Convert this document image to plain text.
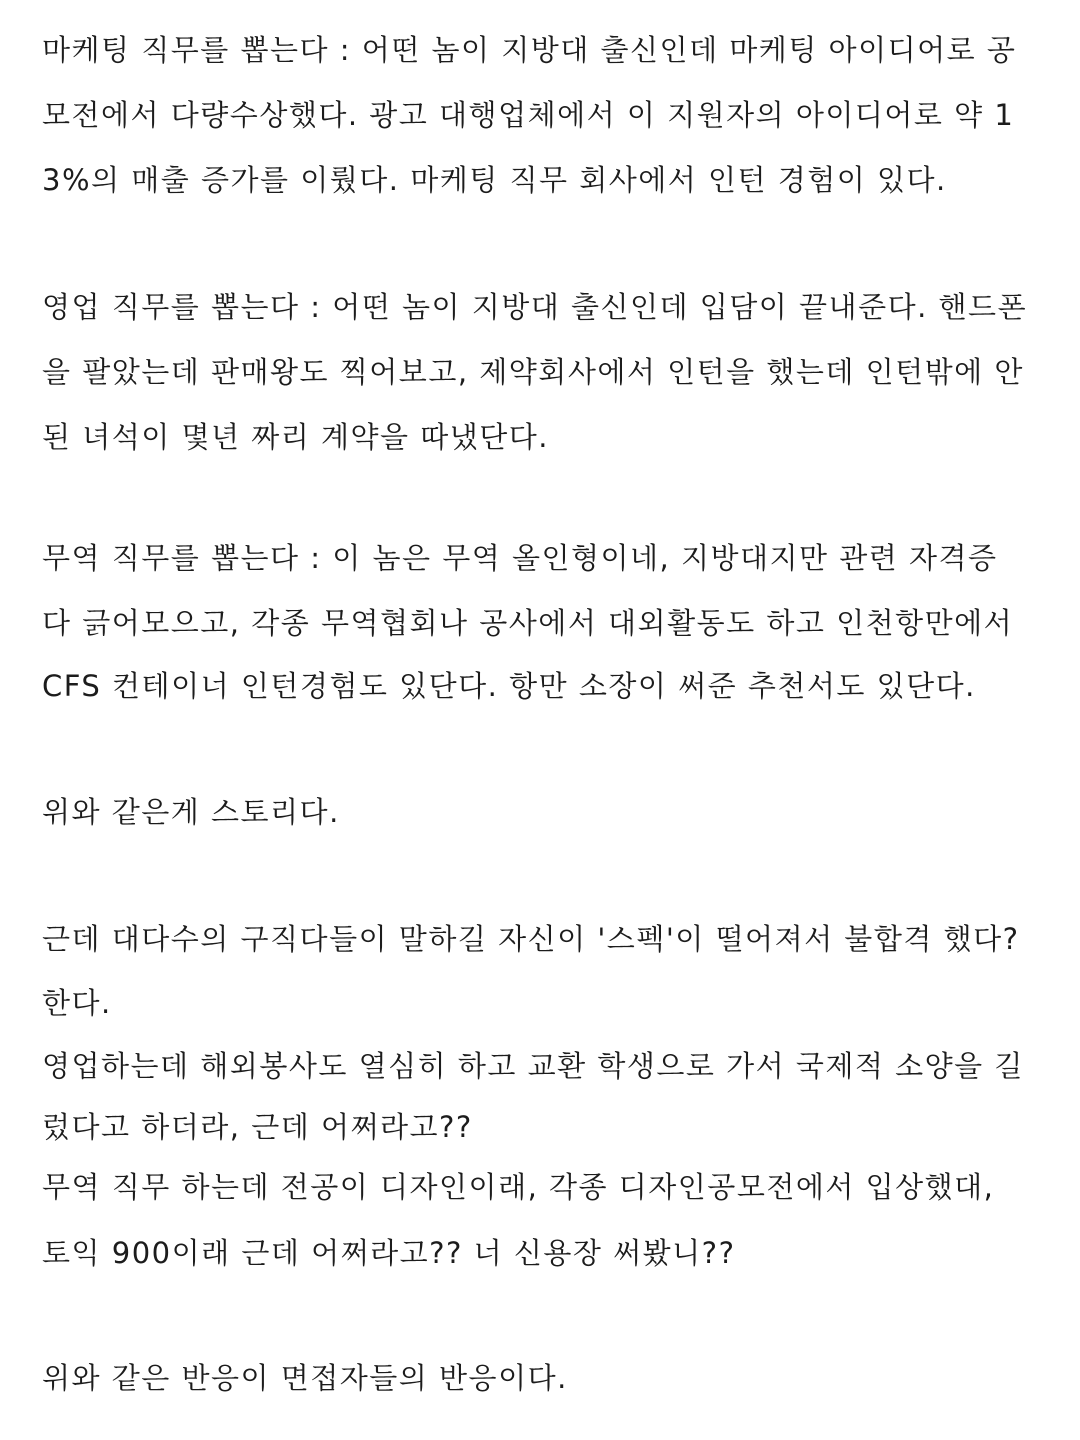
마케팅 직무를 뽑는다 : 어떤 놈이 지방대 출신인데 마케팅 아이디어로 공
모전에서 다량수상했다. 광고 대행업체에서 이 지원자의 아이디어로 약 1
3%의 매출 증가를 이뤘다. 마케팅 직무 회사에서 인턴 경험이 있다.
영업 직무를 뽑는다 : 어떤 놈이 지방대 출신인데 입담이 끝내준다. 핸드폰
을 팔았는데 판매왕도 찍어보고, 제약회사에서 인턴을 했는데 인턴밖에 안
된 녀석이 몇년 짜리 계약을 따냈단다.
무역 직무를 뽑는다 : 이 놈은 무역 올인형이네, 지방대지만 관련 자격증
다 긁어모으고, 각종 무역협회나 공사에서 대외활동도 하고 인천항만에서
CFS 컨테이너 인턴경험도 있단다. 항만 소장이 써준 추천서도 있단다.
위와 같은게 스토리다.
근데 대다수의 구직다들이 말하길 자신이 '스펙'이 떨어져서 불합격 했다?
한다.
영업하는데 해외봉사도 열심히 하고 교환 학생으로 가서 국제적 소양을 길
렀다고 하더라, 근데 어쩌라고??
무역 직무 하는데 전공이 디자인이래, 각종 디자인공모전에서 입상했대,
토익 900이래 근데 어쩌라고?? 너 신용장 써봤니??
위와 같은 반응이 면접자들의 반응이다.
